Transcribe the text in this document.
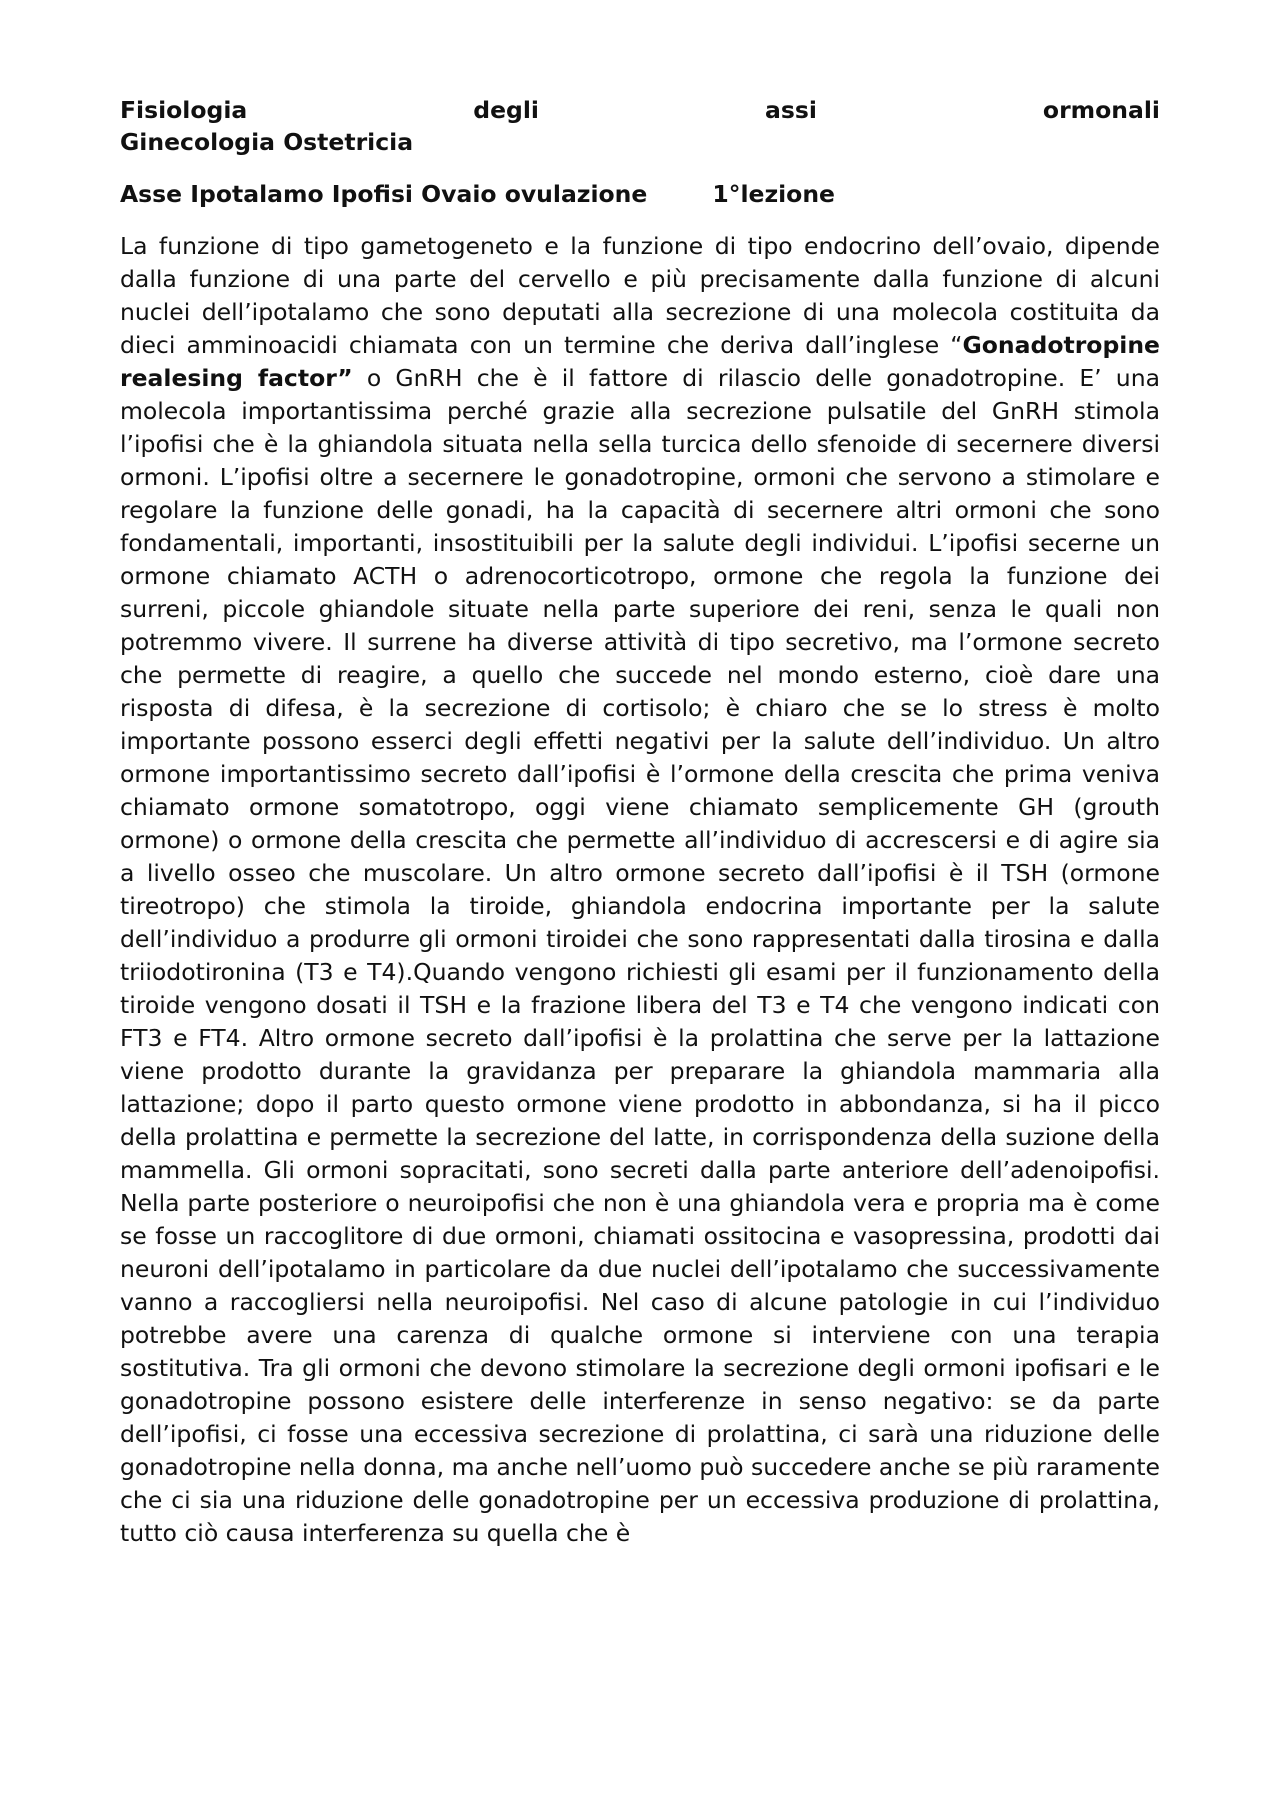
Fisiologia	degli	assi	ormonali
Ginecologia Ostetricia
Asse Ipotalamo Ipofisi Ovaio ovulazione	1°lezione

La funzione di tipo gametogeneto e la funzione di tipo endocrino dell’ovaio, dipende dalla funzione di una parte del cervello e più precisamente dalla funzione di alcuni nuclei dell’ipotalamo che sono deputati alla secrezione di una molecola costituita da dieci amminoacidi chiamata con un termine che deriva dall’inglese “Gonadotropine realesing factor” o GnRH che è il fattore di rilascio delle gonadotropine. E’ una molecola importantissima perché grazie alla secrezione pulsatile del GnRH stimola l’ipofisi che è la ghiandola situata nella sella turcica dello sfenoide di secernere diversi ormoni. L’ipofisi oltre a secernere le gonadotropine, ormoni che servono a stimolare e regolare la funzione delle gonadi, ha la capacità di secernere altri ormoni che sono fondamentali, importanti, insostituibili per la salute degli individui. L’ipofisi secerne un ormone chiamato ACTH o adrenocorticotropo, ormone che regola la funzione dei surreni, piccole ghiandole situate nella parte superiore dei reni, senza le quali non potremmo vivere. Il surrene ha diverse attività di tipo secretivo, ma l’ormone secreto che permette di reagire, a quello che succede nel mondo esterno, cioè dare una risposta di difesa, è la secrezione di cortisolo; è chiaro che se lo stress è molto importante possono esserci degli effetti negativi per la salute dell’individuo. Un altro ormone importantissimo secreto dall’ipofisi è l’ormone della crescita che prima veniva chiamato ormone somatotropo, oggi viene chiamato semplicemente GH (grouth ormone) o ormone della crescita che permette all’individuo di accrescersi e di agire sia a livello osseo che muscolare. Un altro ormone secreto dall’ipofisi è il TSH (ormone tireotropo) che stimola la tiroide, ghiandola endocrina importante per la salute dell’individuo a produrre gli ormoni tiroidei che sono rappresentati dalla tirosina e dalla triiodotironina (T3 e T4).Quando vengono richiesti gli esami per il funzionamento della tiroide vengono dosati il TSH e la frazione libera del T3 e T4 che vengono indicati con FT3 e FT4. Altro ormone secreto dall’ipofisi è la prolattina che serve per la lattazione viene prodotto durante la gravidanza per preparare la ghiandola mammaria alla lattazione; dopo il parto questo ormone viene prodotto in abbondanza, si ha il picco della prolattina e permette la secrezione del latte, in corrispondenza della suzione della mammella. Gli ormoni sopracitati, sono secreti dalla parte anteriore dell’adenoipofisi. Nella parte posteriore o neuroipofisi che non è una ghiandola vera e propria ma è come se fosse un raccoglitore di due ormoni, chiamati ossitocina e vasopressina, prodotti dai neuroni dell’ipotalamo in particolare da due nuclei dell’ipotalamo che successivamente vanno a raccogliersi nella neuroipofisi. Nel caso di alcune patologie in cui l’individuo potrebbe avere una carenza di qualche ormone si interviene con una terapia sostitutiva. Tra gli ormoni che devono stimolare la secrezione degli ormoni ipofisari e le gonadotropine possono esistere delle interferenze in senso negativo: se da parte dell’ipofisi, ci fosse una eccessiva secrezione di prolattina, ci sarà una riduzione delle gonadotropine nella donna, ma anche nell’uomo può succedere anche se più raramente che ci sia una riduzione delle gonadotropine per un eccessiva produzione di prolattina, tutto ciò causa interferenza su quella che è
